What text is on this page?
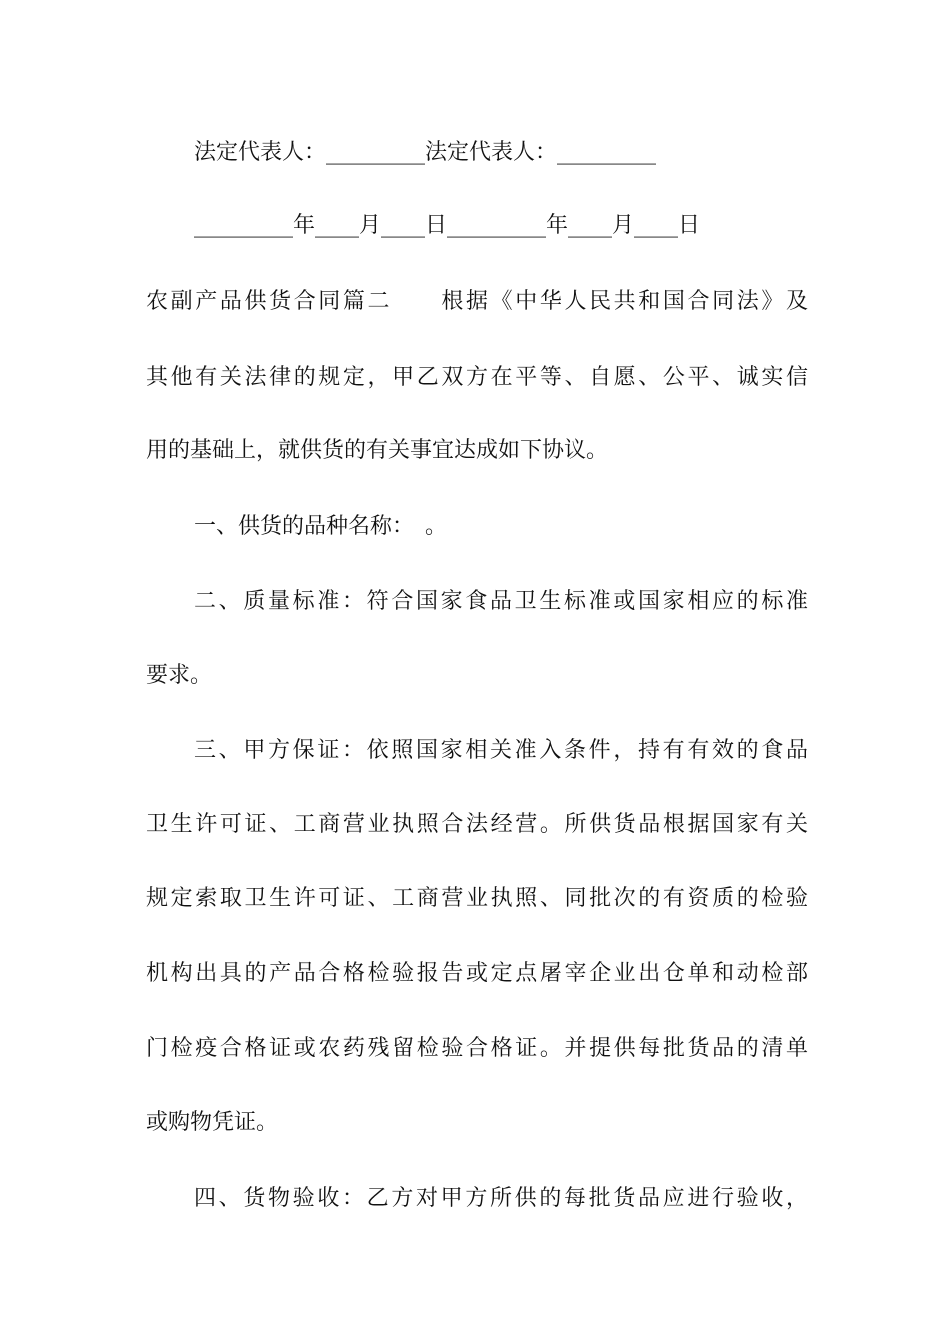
法定代表人：_________法定代表人：_________
_________年____月____日_________年____月____日
农副产品供货合同篇二　　根据《中华人民共和国合同法》及
其他有关法律的规定，甲乙双方在平等、自愿、公平、诚实信
用的基础上，就供货的有关事宜达成如下协议。
一、供货的品种名称：　。
二、质量标准：符合国家食品卫生标准或国家相应的标准
要求。
三、甲方保证：依照国家相关准入条件，持有有效的食品
卫生许可证、工商营业执照合法经营。所供货品根据国家有关
规定索取卫生许可证、工商营业执照、同批次的有资质的检验
机构出具的产品合格检验报告或定点屠宰企业出仓单和动检部
门检疫合格证或农药残留检验合格证。并提供每批货品的清单
或购物凭证。
四、货物验收：乙方对甲方所供的每批货品应进行验收，
